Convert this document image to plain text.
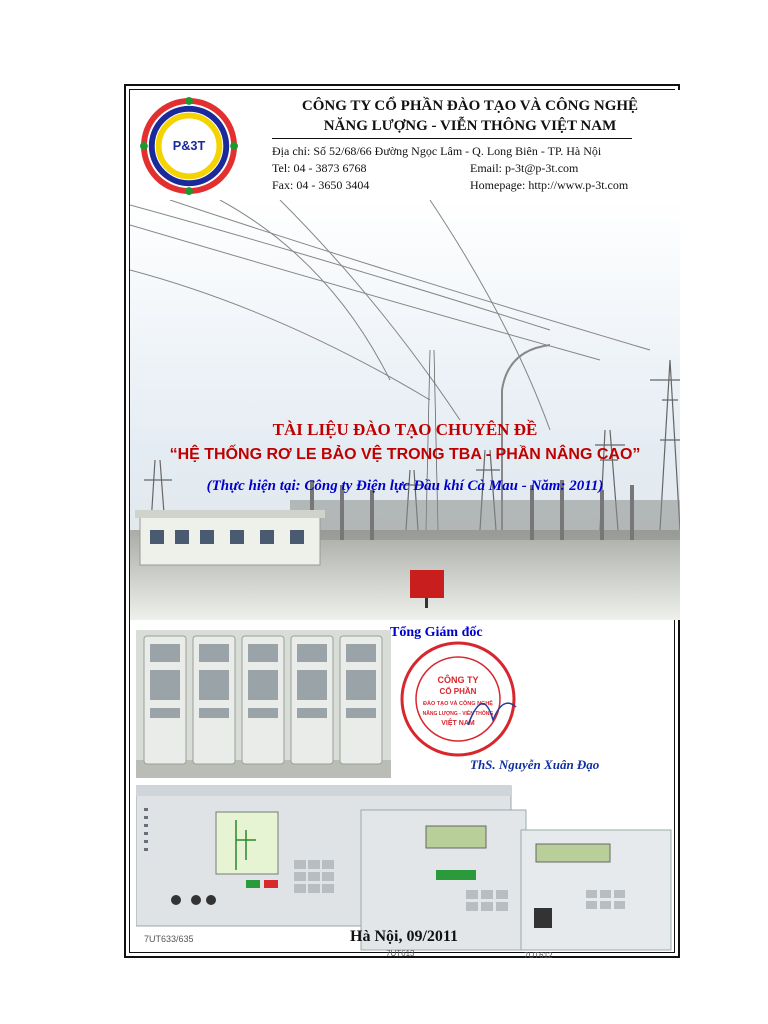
P&3T
CÔNG TY CỔ PHẦN ĐÀO TẠO VÀ CÔNG NGHỆ
NĂNG LƯỢNG - VIỄN THÔNG VIỆT NAM
Địa chỉ: Số 52/68/66 Đường Ngọc Lâm - Q. Long Biên - TP. Hà Nội
Tel: 04 - 3873 6768	Email: p-3t@p-3t.com
Fax: 04 - 3650 3404	Homepage: http://www.p-3t.com
TÀI LIỆU ĐÀO TẠO CHUYÊN ĐỀ
“HỆ THỐNG RƠ LE BẢO VỆ TRONG TBA - PHẦN NÂNG CAO”
(Thực hiện tại: Công ty Điện lực Dầu khí Cà Mau - Năm: 2011)
Tổng Giám đốc
CÔNG TY
CỔ PHẦN
ĐÀO TẠO VÀ CÔNG NGHỆ
NĂNG LƯỢNG - VIỄN THÔNG
VIỆT NAM
ThS. Nguyễn Xuân Đạo
7UT633/635
7UT613	7UT612
Hà Nội, 09/2011
